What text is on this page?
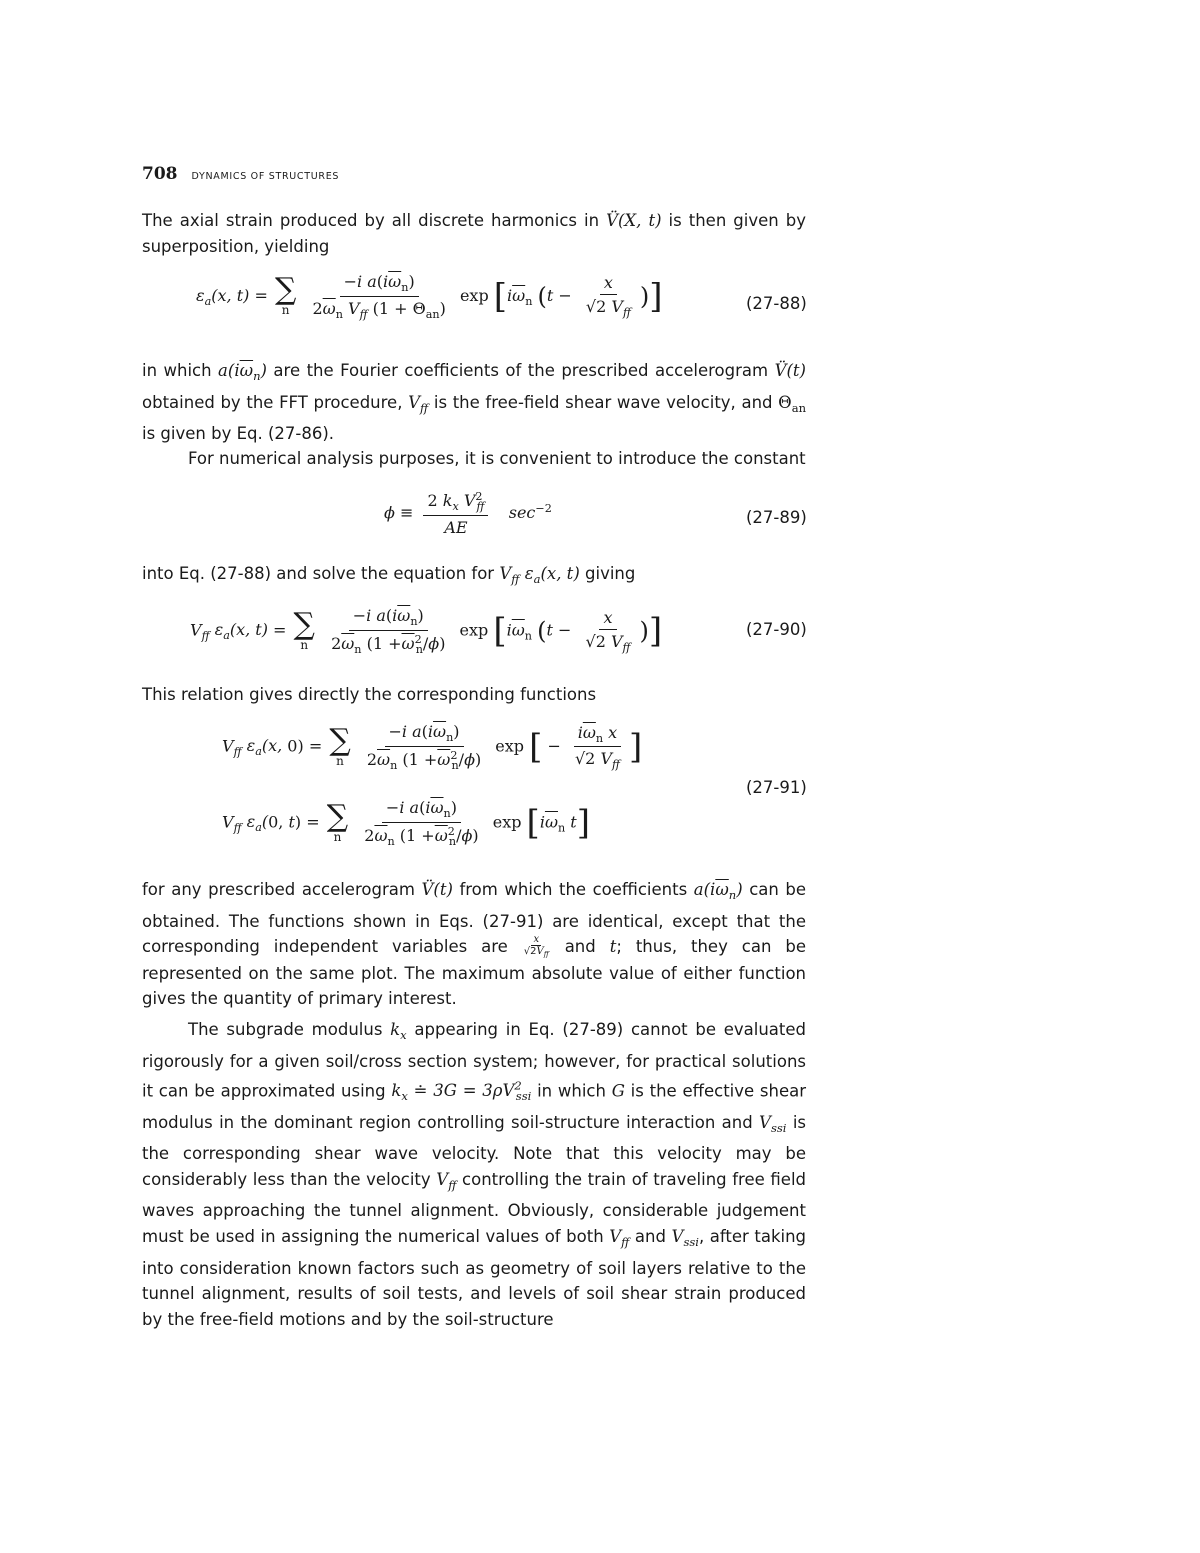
708 DYNAMICS OF STRUCTURES
The axial strain produced by all discrete harmonics in V̈(X, t) is then given by superposition, yielding
$\varepsilon_a(x$, t) = ∑
n
$\frac{-i a(i\overline{\omega}_n)}{2\overline{\omega}_n V_{ff} (1 + \Theta_{an})}$ $\exp [i\overline{\omega}_n$ ($t - \frac{x}{√2 V_{ff}}$ )]	(27-88)
in which $a(i\overline{\omega}_n)$ are the Fourier coefficients of the prescribed accelerogram V̈(t) obtained by the FFT procedure, $V_{ff}$ is the free-field shear wave velocity, and $\Theta_{an}$ is given by Eq. (27-86).
For numerical analysis purposes, it is convenient to introduce the constant
$\phi \equiv \frac{2 k_x V^2_{ff}}{AE} \sec^{-2}$	(27-89)
into Eq. (27-88) and solve the equation for $V_{ff}$ $\varepsilon_a(x$, t) giving
$V_{ff}$ $\varepsilon_a(x$, t) = ∑
n
$\frac{-i a(i\overline{\omega}_n)}{2\overline{\omega}_n (1 +\overline{\omega}^2_n/\phi)}$ $\exp [i\overline{\omega}_n$ ($t - \frac{x}{√2 V_{ff}}$ )]	(27-90)
This relation gives directly the corresponding functions
$V_{ff}$ $\varepsilon_a(x$, 0) = ∑
n
$\frac{-i a(i\overline{\omega}_n)}{2\overline{\omega}_n (1 +\overline{\omega}^2_n/\phi)}$ exp [ − $\frac{i\overline{\omega}_n x}{√2 V_{ff}}$ ]
$V_{ff}$ $\varepsilon_a(0$, t) = ∑
n
$\frac{-i a(i\overline{\omega}_n)}{2\overline{\omega}_n (1 +\overline{\omega}^2_n/\phi)}$ $\exp [i\overline{\omega}_n$ t]
(27-91)
for any prescribed accelerogram V̈(t) from which the coefficients $a(i\overline{\omega}_n)$ can be obtained. The functions shown in Eqs. (27-91) are identical, except that the corresponding independent variables are	x
$√2V_{ff}$ and t; thus, they can be represented on the same plot. The maximum absolute value of either function gives the quantity of primary interest.
The subgrade modulus $k_x$ appearing in Eq. (27-89) cannot be evaluated rigorously for a given soil/cross section system; however, for practical solutions it can be approximated using $k_x$ ≐ $3G = 3\rho V^2_{ssi}$ in which G is the effective shear modulus in the dominant region controlling soil-structure interaction and $V_{ssi}$ is the corresponding shear wave velocity. Note that this velocity may be considerably less than the velocity $V_{ff}$ controlling the train of traveling free field waves approaching the tunnel alignment. Obviously, considerable judgement must be used in assigning the numerical values of both $V_{ff}$ and $V_{ssi}$, after taking into consideration known factors such as geometry of soil layers relative to the tunnel alignment, results of soil tests, and levels of soil shear strain produced by the free-field motions and by the soil-structure
